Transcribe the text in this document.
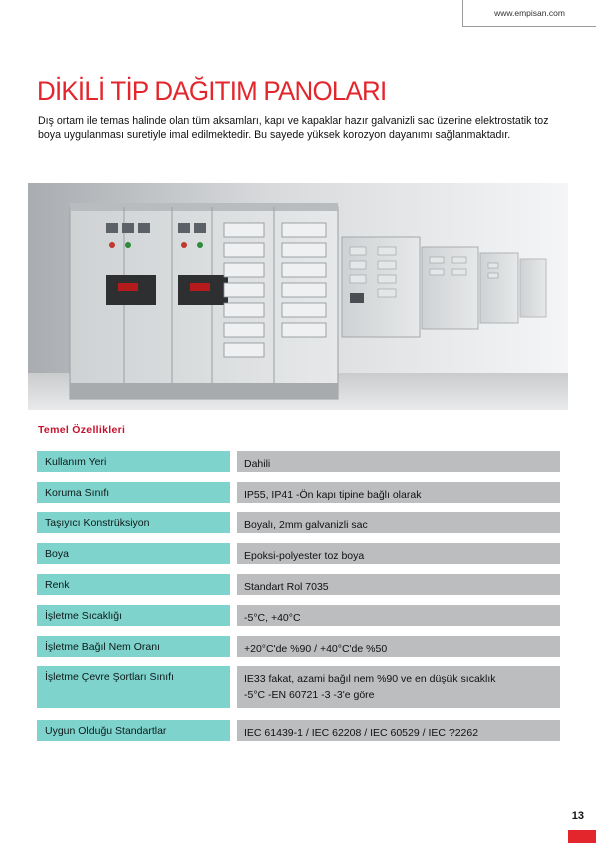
www.empisan.com
DİKİLİ TİP DAĞITIM PANOLARI

Dış ortam ile temas halinde olan tüm aksamları, kapı ve kapaklar hazır galvanizli sac üzerine elektrostatik toz boya uygulanması suretiyle imal edilmektedir. Bu sayede yüksek korozyon dayanımı sağlanmaktadır.

Temel Özellikleri
Kullanım Yeri	Dahili
Koruma Sınıfı	IP55, IP41 -Ön kapı tipine bağlı olarak
Taşıyıcı Konstrüksiyon	Boyalı, 2mm galvanizli sac
Boya	Epoksi-polyester toz boya
Renk	Standart Rol 7035
İşletme Sıcaklığı	-5°C, +40°C
İşletme Bağıl Nem Oranı	+20°C'de %90 / +40°C'de %50
İşletme Çevre Şortları Sınıfı	IE33 fakat, azami bağıl nem %90 ve en düşük sıcaklık
-5°C -EN 60721 -3 -3'e göre
Uygun Olduğu Standartlar	IEC 61439-1 / IEC 62208 / IEC 60529 / IEC ?2262
13
